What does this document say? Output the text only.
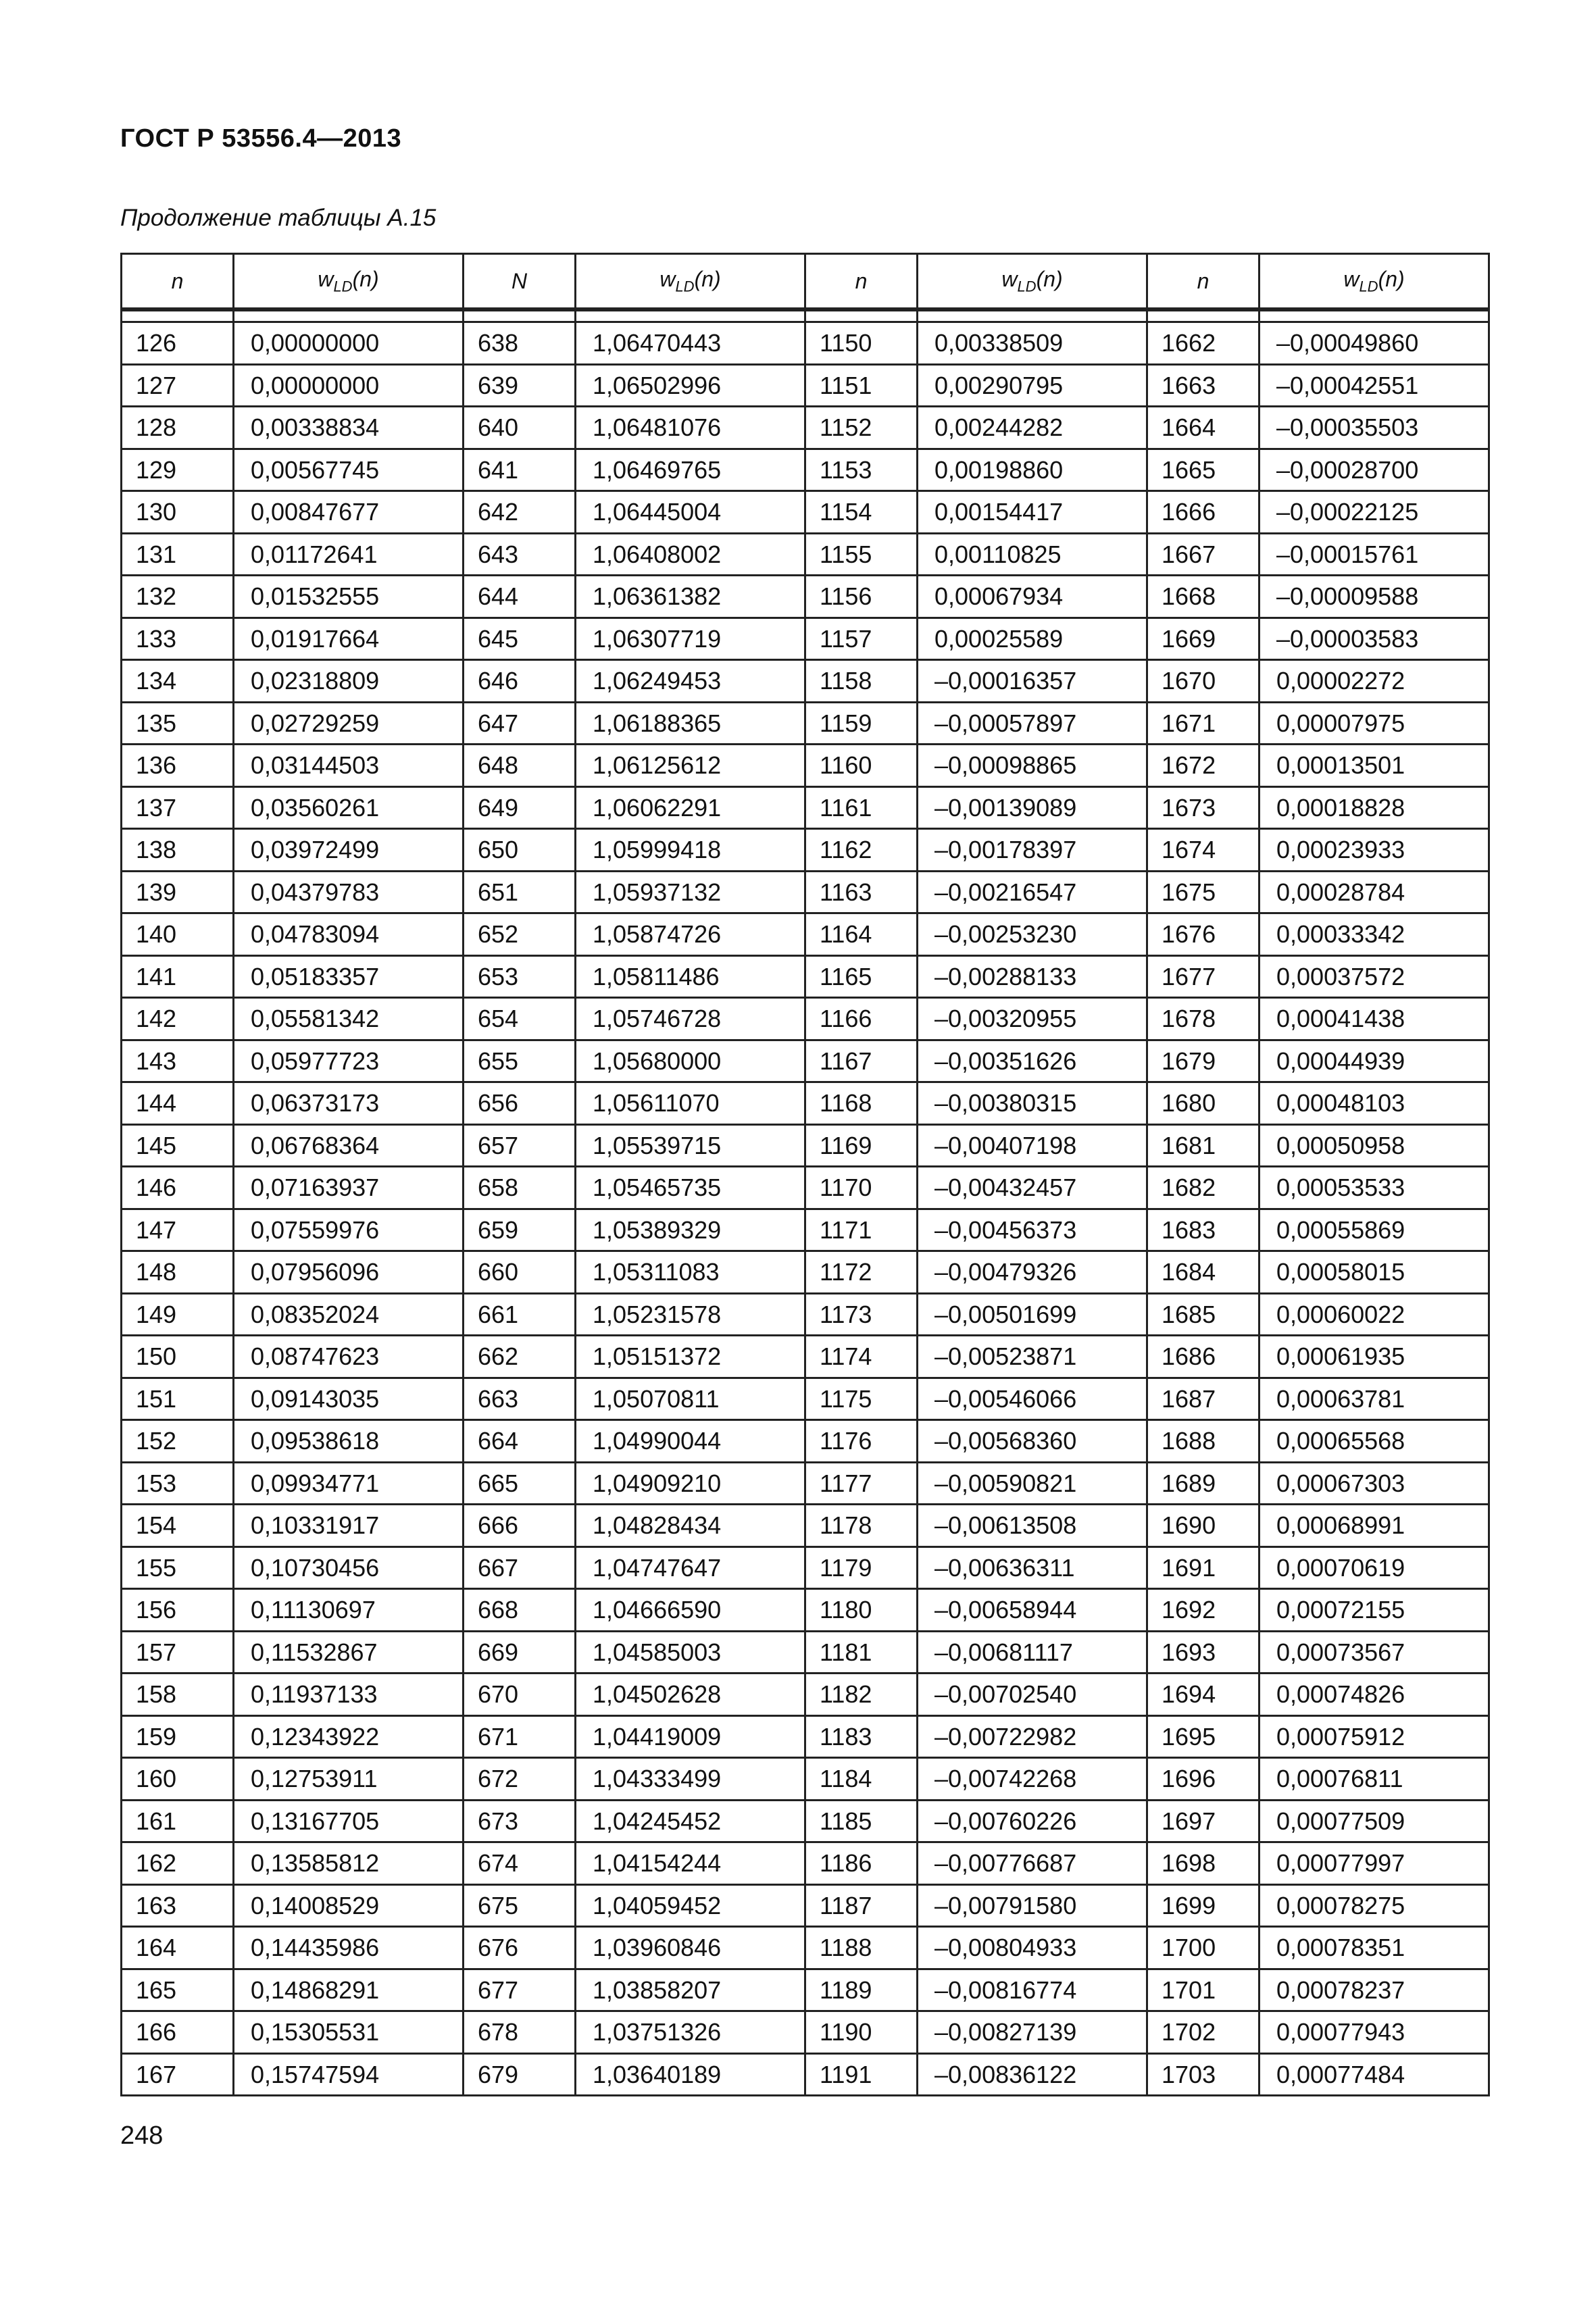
ГОСТ Р 53556.4—2013
Продолжение таблицы А.15
n	$w_{LD}(n)$	N	$w_{LD}(n)$	n	$w_{LD}(n)$	n	$w_{LD}(n)$

126	0,00000000	638	1,06470443	1150	0,00338509	1662	–0,00049860
127	0,00000000	639	1,06502996	1151	0,00290795	1663	–0,00042551
128	0,00338834	640	1,06481076	1152	0,00244282	1664	–0,00035503
129	0,00567745	641	1,06469765	1153	0,00198860	1665	–0,00028700
130	0,00847677	642	1,06445004	1154	0,00154417	1666	–0,00022125
131	0,01172641	643	1,06408002	1155	0,00110825	1667	–0,00015761
132	0,01532555	644	1,06361382	1156	0,00067934	1668	–0,00009588
133	0,01917664	645	1,06307719	1157	0,00025589	1669	–0,00003583
134	0,02318809	646	1,06249453	1158	–0,00016357	1670	0,00002272
135	0,02729259	647	1,06188365	1159	–0,00057897	1671	0,00007975
136	0,03144503	648	1,06125612	1160	–0,00098865	1672	0,00013501
137	0,03560261	649	1,06062291	1161	–0,00139089	1673	0,00018828
138	0,03972499	650	1,05999418	1162	–0,00178397	1674	0,00023933
139	0,04379783	651	1,05937132	1163	–0,00216547	1675	0,00028784
140	0,04783094	652	1,05874726	1164	–0,00253230	1676	0,00033342
141	0,05183357	653	1,05811486	1165	–0,00288133	1677	0,00037572
142	0,05581342	654	1,05746728	1166	–0,00320955	1678	0,00041438
143	0,05977723	655	1,05680000	1167	–0,00351626	1679	0,00044939
144	0,06373173	656	1,05611070	1168	–0,00380315	1680	0,00048103
145	0,06768364	657	1,05539715	1169	–0,00407198	1681	0,00050958
146	0,07163937	658	1,05465735	1170	–0,00432457	1682	0,00053533
147	0,07559976	659	1,05389329	1171	–0,00456373	1683	0,00055869
148	0,07956096	660	1,05311083	1172	–0,00479326	1684	0,00058015
149	0,08352024	661	1,05231578	1173	–0,00501699	1685	0,00060022
150	0,08747623	662	1,05151372	1174	–0,00523871	1686	0,00061935
151	0,09143035	663	1,05070811	1175	–0,00546066	1687	0,00063781
152	0,09538618	664	1,04990044	1176	–0,00568360	1688	0,00065568
153	0,09934771	665	1,04909210	1177	–0,00590821	1689	0,00067303
154	0,10331917	666	1,04828434	1178	–0,00613508	1690	0,00068991
155	0,10730456	667	1,04747647	1179	–0,00636311	1691	0,00070619
156	0,11130697	668	1,04666590	1180	–0,00658944	1692	0,00072155
157	0,11532867	669	1,04585003	1181	–0,00681117	1693	0,00073567
158	0,11937133	670	1,04502628	1182	–0,00702540	1694	0,00074826
159	0,12343922	671	1,04419009	1183	–0,00722982	1695	0,00075912
160	0,12753911	672	1,04333499	1184	–0,00742268	1696	0,00076811
161	0,13167705	673	1,04245452	1185	–0,00760226	1697	0,00077509
162	0,13585812	674	1,04154244	1186	–0,00776687	1698	0,00077997
163	0,14008529	675	1,04059452	1187	–0,00791580	1699	0,00078275
164	0,14435986	676	1,03960846	1188	–0,00804933	1700	0,00078351
165	0,14868291	677	1,03858207	1189	–0,00816774	1701	0,00078237
166	0,15305531	678	1,03751326	1190	–0,00827139	1702	0,00077943
167	0,15747594	679	1,03640189	1191	–0,00836122	1703	0,00077484
248
